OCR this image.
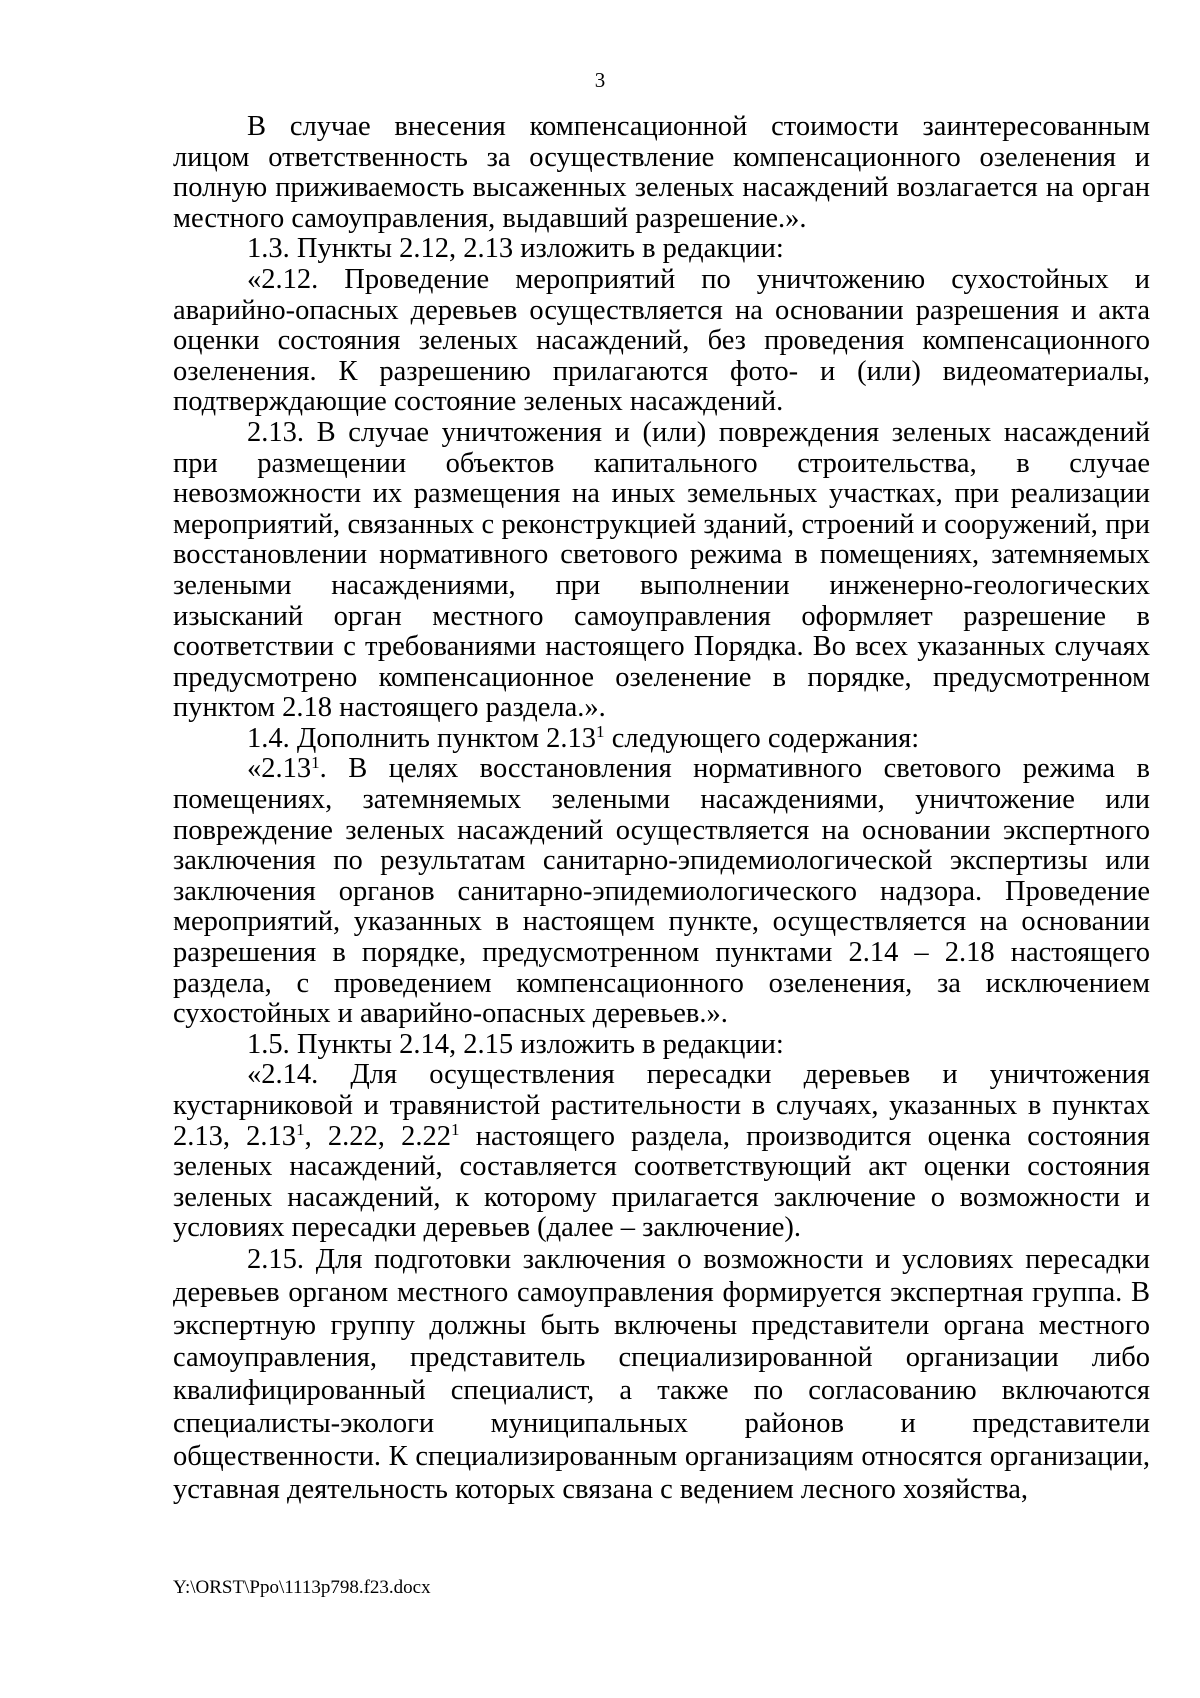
3

В случае внесения компенсационной стоимости заинтересованным лицом ответственность за осуществление компенсационного озеленения и полную приживаемость высаженных зеленых насаждений возлагается на орган местного самоуправления, выдавший разрешение.».

1.3. Пункты 2.12, 2.13 изложить в редакции:

«2.12. Проведение мероприятий по уничтожению сухостойных и аварийно-опасных деревьев осуществляется на основании разрешения и акта оценки состояния зеленых насаждений, без проведения компенсационного озеленения. К разрешению прилагаются фото- и (или) видеоматериалы, подтверждающие состояние зеленых насаждений.

2.13. В случае уничтожения и (или) повреждения зеленых насаждений при размещении объектов капитального строительства, в случае невозможности их размещения на иных земельных участках, при реализации мероприятий, связанных с реконструкцией зданий, строений и сооружений, при восстановлении нормативного светового режима в помещениях, затемняемых зелеными насаждениями, при выполнении инженерно-геологических изысканий орган местного самоуправления оформляет разрешение в соответствии с требованиями настоящего Порядка. Во всех указанных случаях предусмотрено компенсационное озеленение в порядке, предусмотренном пунктом 2.18 настоящего раздела.».

1.4. Дополнить пунктом 2.13$^1$ следующего содержания:

«2.13$^1$. В целях восстановления нормативного светового режима в помещениях, затемняемых зелеными насаждениями, уничтожение или повреждение зеленых насаждений осуществляется на основании экспертного заключения по результатам санитарно-эпидемиологической экспертизы или заключения органов санитарно-эпидемиологического надзора. Проведение мероприятий, указанных в настоящем пункте, осуществляется на основании разрешения в порядке, предусмотренном пунктами 2.14 – 2.18 настоящего раздела, с проведением компенсационного озеленения, за исключением сухостойных и аварийно-опасных деревьев.».

1.5. Пункты 2.14, 2.15 изложить в редакции:

«2.14. Для осуществления пересадки деревьев и уничтожения кустарниковой и травянистой растительности в случаях, указанных в пунктах 2.13, 2.13$^1$, 2.22, 2.22$^1$ настоящего раздела, производится оценка состояния зеленых насаждений, составляется соответствующий акт оценки состояния зеленых насаждений, к которому прилагается заключение о возможности и условиях пересадки деревьев (далее – заключение).

2.15. Для подготовки заключения о возможности и условиях пересадки деревьев органом местного самоуправления формируется экспертная группа. В экспертную группу должны быть включены представители органа местного самоуправления, представитель специализированной организации либо квалифицированный специалист, а также по согласованию включаются специалисты-экологи муниципальных районов и представители общественности. К специализированным организациям относятся организации, уставная деятельность которых связана с ведением лесного хозяйства,

Y:\ORST\Ppo\1113p798.f23.docx
